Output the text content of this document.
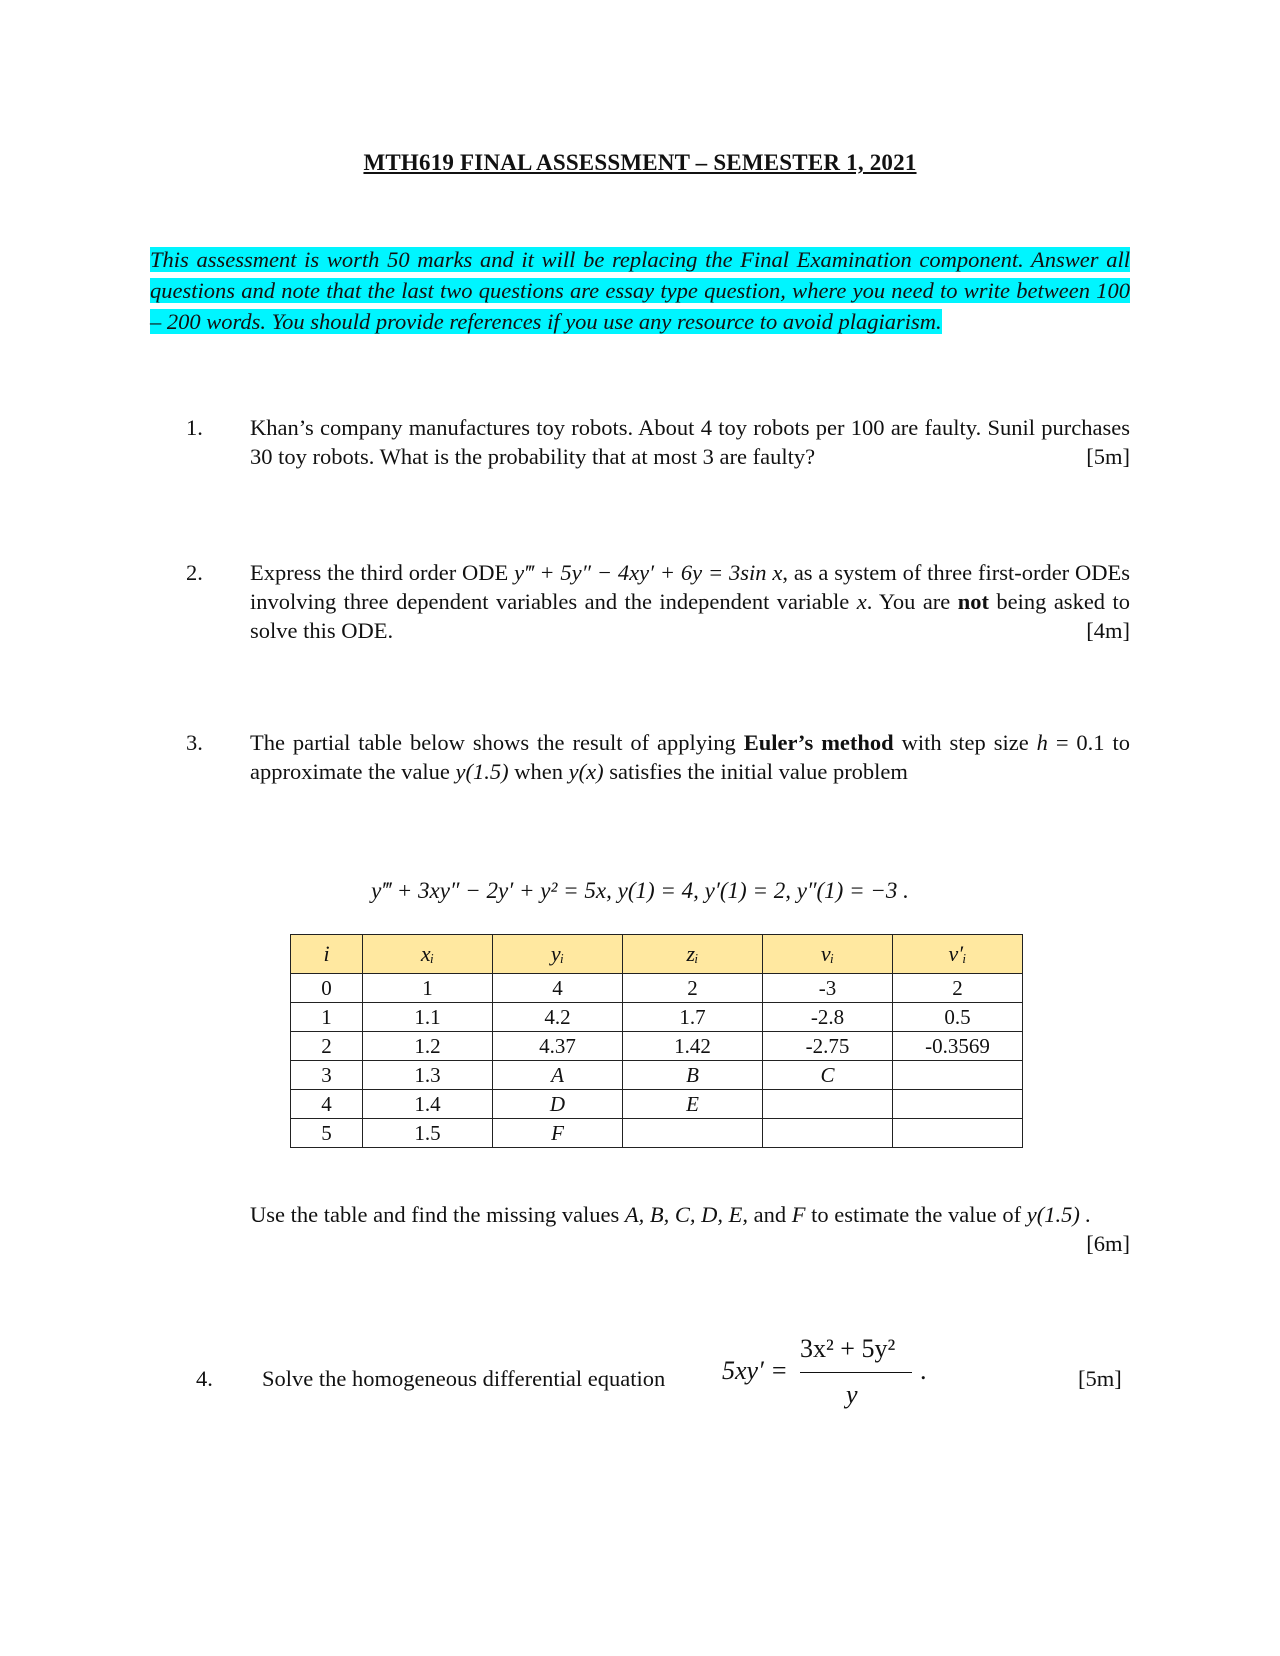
MTH619 FINAL ASSESSMENT – SEMESTER 1, 2021
This assessment is worth 50 marks and it will be replacing the Final Examination component. Answer all questions and note that the last two questions are essay type question, where you need to write between 100 – 200 words. You should provide references if you use any resource to avoid plagiarism.
1. Khan’s company manufactures toy robots. About 4 toy robots per 100 are faulty. Sunil purchases 30 toy robots. What is the probability that at most 3 are faulty?	[5m]
2. Express the third order ODE y‴ + 5y″ − 4xy′ + 6y = 3sin x, as a system of three first-order ODEs involving three dependent variables and the independent variable x. You are not being asked to solve this ODE.	[4m]
3. The partial table below shows the result of applying Euler’s method with step size h = 0.1 to approximate the value y(1.5) when y(x) satisfies the initial value problem
y‴ + 3xy″ − 2y′ + y² = 5x, y(1) = 4, y′(1) = 2, y″(1) = −3 .
i	xᵢ	yᵢ	zᵢ	vᵢ	v′ᵢ
0	1	4	2	-3	2
1	1.1	4.2	1.7	-2.8	0.5
2	1.2	4.37	1.42	-2.75	-0.3569
3	1.3	A	B	C	
4	1.4	D	E		
5	1.5	F			
Use the table and find the missing values A, B, C, D, E, and F to estimate the value of y(1.5) .
[6m]
4. Solve the homogeneous differential equation 5xy′ =
3x² + 5y²
y
.	[5m]
